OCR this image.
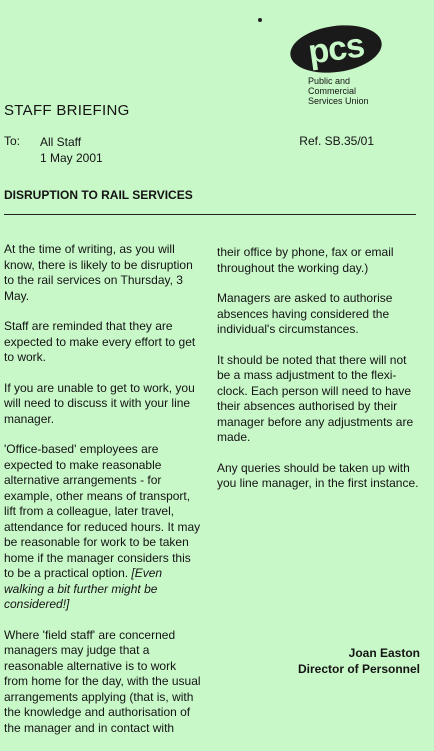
pcs
Public and
Commercial
Services Union
STAFF BRIEFING
To: All Staff
1 May 2001
Ref. SB.35/01
DISRUPTION TO RAIL SERVICES

At the time of writing, as you will know, there is likely to be disruption to the rail services on Thursday, 3 May.

Staff are reminded that they are expected to make every effort to get to work.

If you are unable to get to work, you will need to discuss it with your line manager.

'Office-based' employees are expected to make reasonable alternative arrangements - for example, other means of transport, lift from a colleague, later travel, attendance for reduced hours. It may be reasonable for work to be taken home if the manager considers this to be a practical option. [Even walking a bit further might be considered!]

Where 'field staff' are concerned managers may judge that a reasonable alternative is to work from home for the day, with the usual arrangements applying (that is, with the knowledge and authorisation of the manager and in contact with

their office by phone, fax or email throughout the working day.)

Managers are asked to authorise absences having considered the individual's circumstances.

It should be noted that there will not be a mass adjustment to the flexi-clock. Each person will need to have their absences authorised by their manager before any adjustments are made.

Any queries should be taken up with you line manager, in the first instance.

Joan Easton
Director of Personnel
